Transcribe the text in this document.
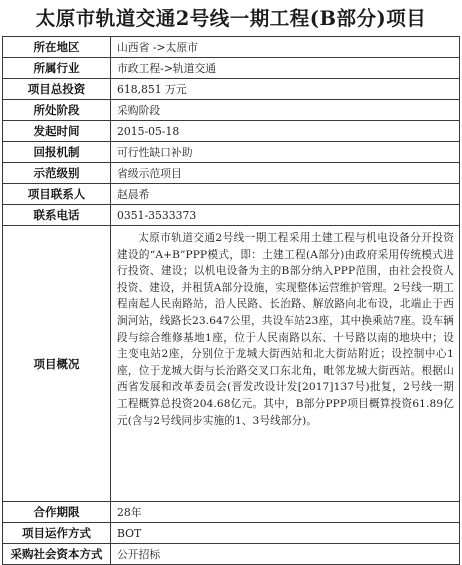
太原市轨道交通2号线一期工程(B部分)项目
所在地区	山西省 ->太原市
所属行业	市政工程->轨道交通
项目总投资	618,851 万元
所处阶段	采购阶段
发起时间	2015-05-18
回报机制	可行性缺口补助
示范级别	省级示范项目
项目联系人	赵晨希
联系电话	0351-3533373
项目概况	太原市轨道交通2号线一期工程采用土建工程与机电设备分开投资建设的“A+B”PPP模式，即：土建工程(A部分)由政府采用传统模式进行投资、建设；以机电设备为主的B部分纳入PPP范围，由社会投资人投资、建设，并租赁A部分设施，实现整体运营维护管理。2号线一期工程南起人民南路站，沿人民路、长治路、解放路向北布设，北端止于西涧河站，线路长23.647公里，共设车站23座，其中换乘站7座。设车辆段与综合维修基地1座，位于人民南路以东、十号路以南的地块中；设主变电站2座，分别位于龙城大街西站和北大街站附近；设控制中心1座，位于龙城大街与长治路交叉口东北角，毗邻龙城大街西站。根据山西省发展和改革委员会(晋发改设计发[2017]137号)批复，2号线一期工程概算总投资204.68亿元。其中，B部分PPP项目概算投资61.89亿元(含与2号线同步实施的1、3号线部分)。
合作期限	28年
项目运作方式	BOT
采购社会资本方式	公开招标
